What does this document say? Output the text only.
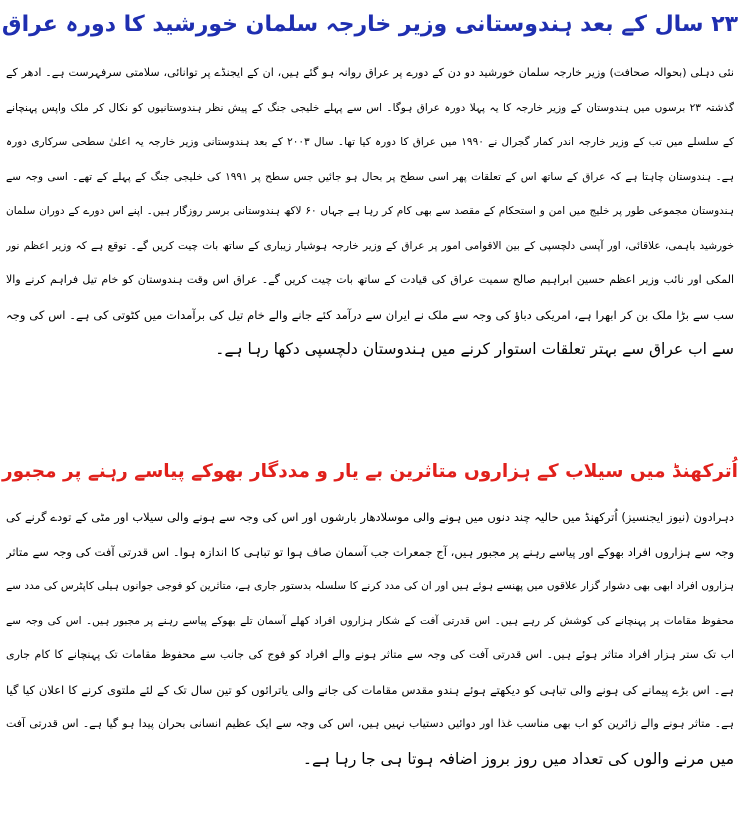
۲۳ سال کے بعد ہندوستانی وزیر خارجہ سلمان خورشید کا دورہ عراق
نئی دہلی (بحوالہ صحافت) وزیر خارجہ سلمان خورشید دو دن کے دورے پر عراق روانہ ہو گئے ہیں، ان کے ایجنڈے پر توانائی، سلامتی سرفہرست ہے۔ ادھر کے
گذشتہ ۲۳ برسوں میں ہندوستان کے وزیر خارجہ کا یہ پہلا دورہ عراق ہوگا۔ اس سے پہلے خلیجی جنگ کے پیش نظر ہندوستانیوں کو نکال کر ملک واپس پہنچانے
کے سلسلے میں تب کے وزیر خارجہ اندر کمار گجرال نے ۱۹۹۰ میں عراق کا دورہ کیا تھا۔ سال ۲۰۰۳ کے بعد ہندوستانی وزیر خارجہ یہ اعلیٰ سطحی سرکاری دورہ
ہے۔ ہندوستان چاہتا ہے کہ عراق کے ساتھ اس کے تعلقات پھر اسی سطح پر بحال ہو جائیں جس سطح پر ۱۹۹۱ کی خلیجی جنگ کے پہلے کے تھے۔ اسی وجہ سے
ہندوستان مجموعی طور پر خلیج میں امن و استحکام کے مقصد سے بھی کام کر رہا ہے جہاں ۶۰ لاکھ ہندوستانی برسر روزگار ہیں۔ اپنے اس دورے کے دوران سلمان
خورشید باہمی، علاقائی، اور آپسی دلچسپی کے بین الاقوامی امور پر عراق کے وزیر خارجہ ہوشیار زیباری کے ساتھ بات چیت کریں گے۔ توقع ہے کہ وزیر اعظم نور
المکی اور نائب وزیر اعظم حسین ابراہیم صالح سمیت عراق کی قیادت کے ساتھ بات چیت کریں گے۔ عراق اس وقت ہندوستان کو خام تیل فراہم کرنے والا
سب سے بڑا ملک بن کر ابھرا ہے، امریکی دباؤ کی وجہ سے ملک نے ایران سے درآمد کئے جانے والے خام تیل کی برآمدات میں کٹوتی کی ہے۔ اس کی وجہ
سے اب عراق سے بہتر تعلقات استوار کرنے میں ہندوستان دلچسپی دکھا رہا ہے۔
اُترکھنڈ میں سیلاب کے ہزاروں متاثرین بے یار و مددگار بھوکے پیاسے رہنے پر مجبور
دہرادون (نیوز ایجنسیز) اُترکھنڈ میں حالیہ چند دنوں میں ہونے والی موسلادھار بارشوں اور اس کی وجہ سے ہونے والی سیلاب اور مٹی کے تودے گرنے کی
وجہ سے ہزاروں افراد بھوکے اور پیاسے رہنے پر مجبور ہیں، آج جمعرات جب آسمان صاف ہوا تو تباہی کا اندازہ ہوا۔ اس قدرتی آفت کی وجہ سے متاثر
ہزاروں افراد ابھی بھی دشوار گزار علاقوں میں پھنسے ہوئے ہیں اور ان کی مدد کرنے کا سلسلہ بدستور جاری ہے، متاثرین کو فوجی جوانوں ہیلی کاپٹرس کی مدد سے
محفوظ مقامات پر پہنچانے کی کوشش کر رہے ہیں۔ اس قدرتی آفت کے شکار ہزاروں افراد کھلے آسمان تلے بھوکے پیاسے رہنے پر مجبور ہیں۔ اس کی وجہ سے
اب تک ستر ہزار افراد متاثر ہوئے ہیں۔ اس قدرتی آفت کی وجہ سے متاثر ہونے والے افراد کو فوج کی جانب سے محفوظ مقامات تک پہنچانے کا کام جاری
ہے۔ اس بڑے پیمانے کی ہونے والی تباہی کو دیکھتے ہوئے ہندو مقدس مقامات کی جانے والی یاترائوں کو تین سال تک کے لئے ملتوی کرنے کا اعلان کیا گیا
ہے۔ متاثر ہونے والے زائرین کو اب بھی مناسب غذا اور دوائیں دستیاب نہیں ہیں، اس کی وجہ سے ایک عظیم انسانی بحران پیدا ہو گیا ہے۔ اس قدرتی آفت
میں مرنے والوں کی تعداد میں روز بروز اضافہ ہوتا ہی جا رہا ہے۔
